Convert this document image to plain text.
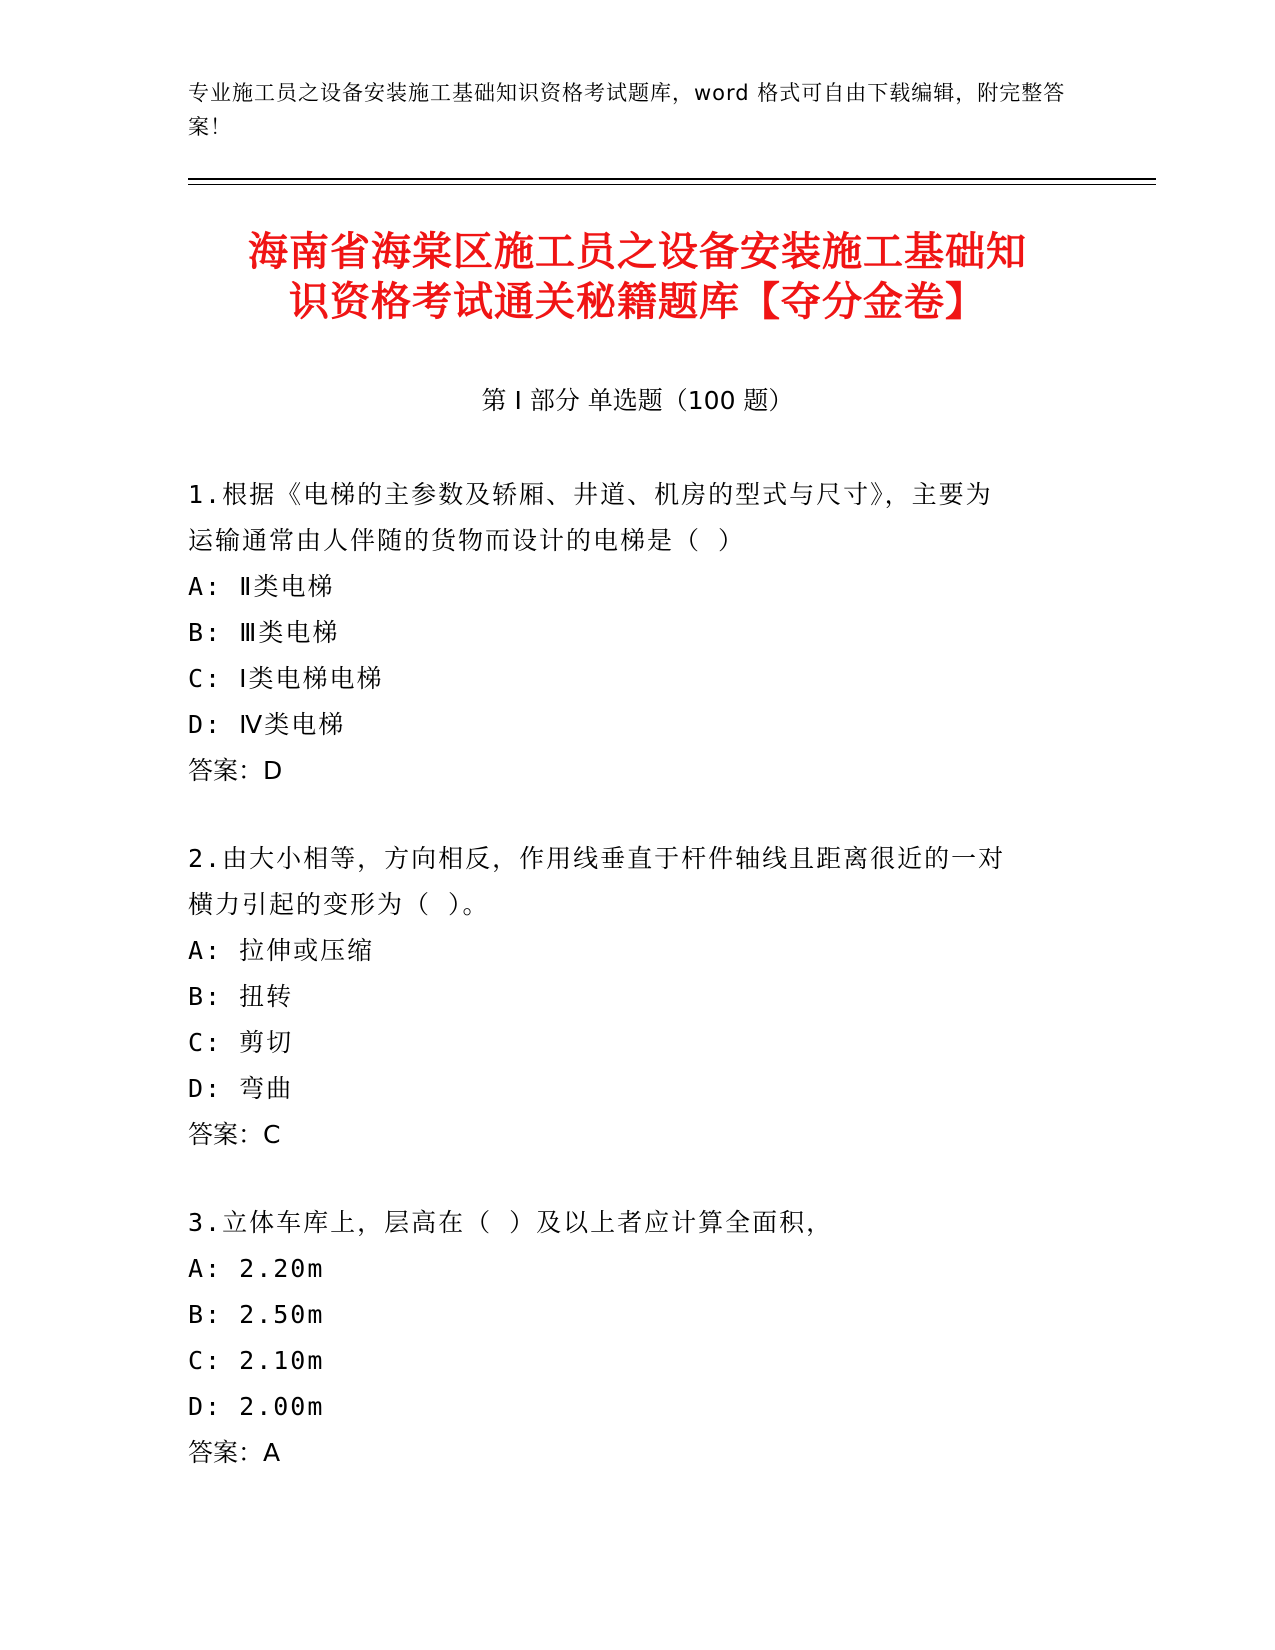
专业施工员之设备安装施工基础知识资格考试题库，word 格式可自由下载编辑，附完整答案！
海南省海棠区施工员之设备安装施工基础知
识资格考试通关秘籍题库【夺分金卷】
第 I 部分 单选题（100 题）

1.根据《电梯的主参数及轿厢、井道、机房的型式与尺寸》，主要为

运输通常由人伴随的货物而设计的电梯是（ ）

A: Ⅱ类电梯

B: Ⅲ类电梯

C: Ⅰ类电梯电梯

D: Ⅳ类电梯

答案：D

2.由大小相等，方向相反，作用线垂直于杆件轴线且距离很近的一对

横力引起的变形为（ ）。

A: 拉伸或压缩

B: 扭转

C: 剪切

D: 弯曲

答案：C

3.立体车库上，层高在（ ）及以上者应计算全面积，

A: 2.20m

B: 2.50m

C: 2.10m

D: 2.00m

答案：A
